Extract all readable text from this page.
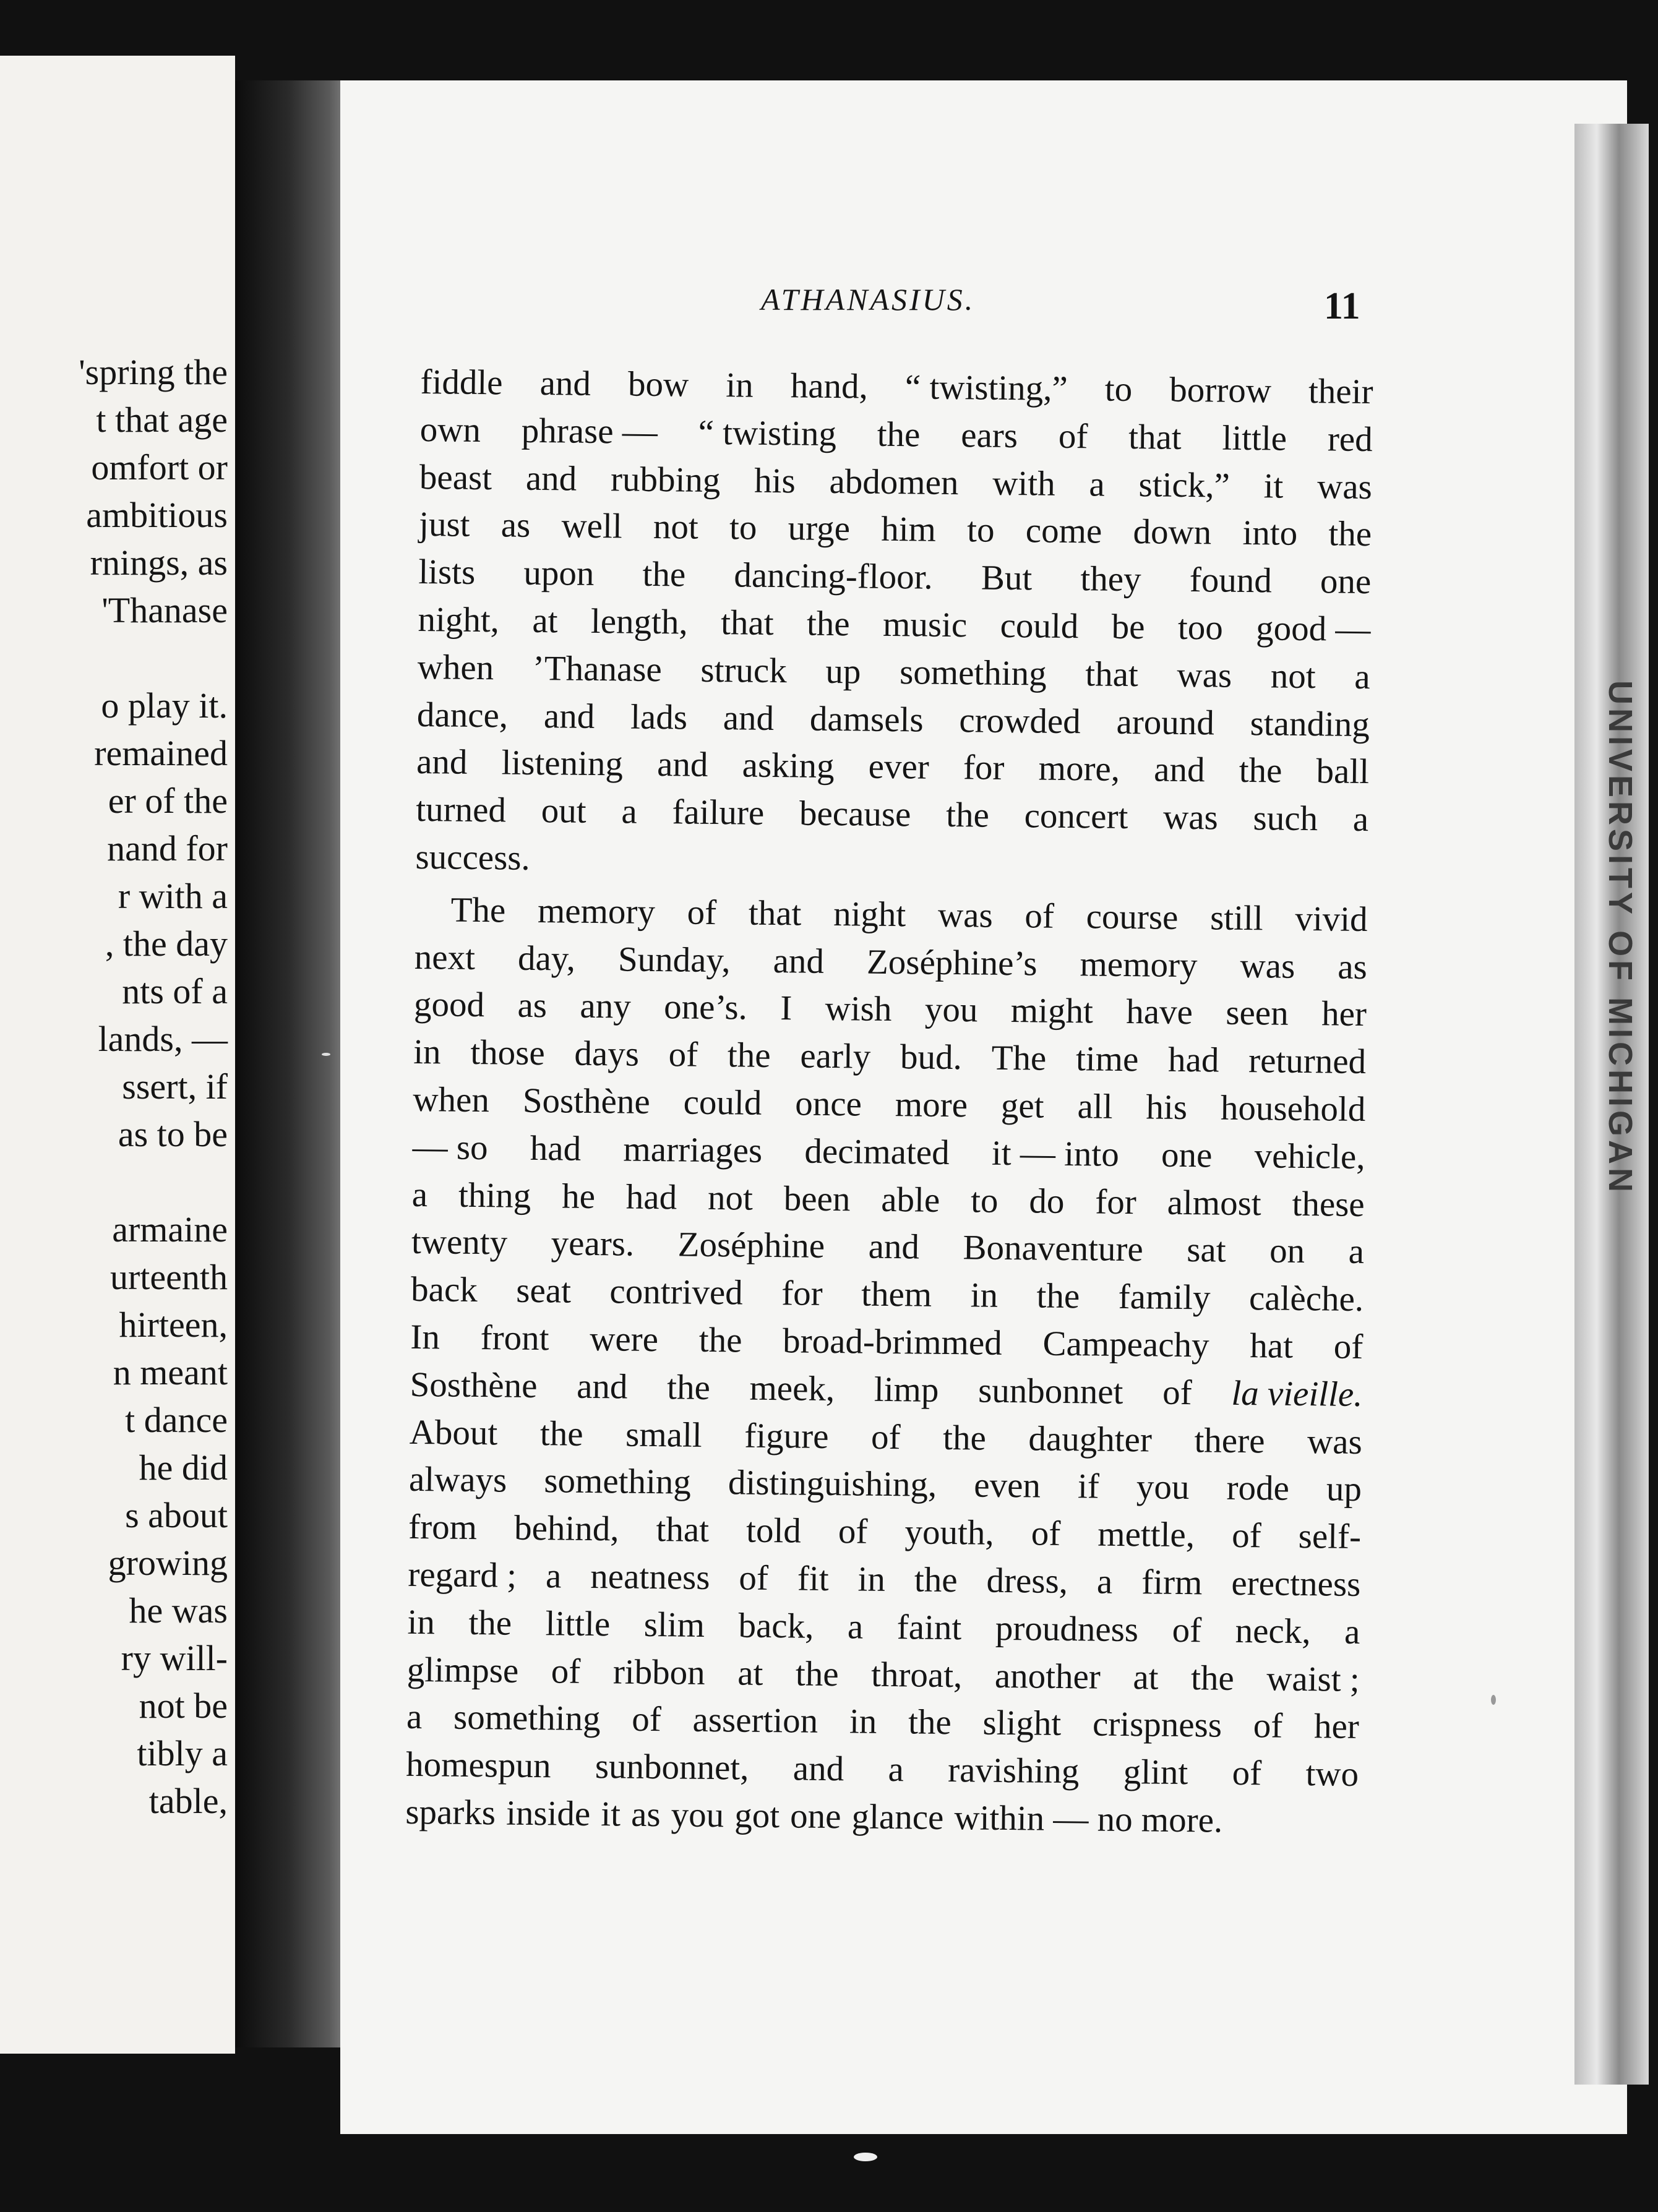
'spring the
t that age
omfort or
ambitious
rnings, as
'Thanase
o play it.
remained
er of the
nand for
r with a
, the day
nts of a
lands, —
ssert, if
as to be
armaine
urteenth
hirteen,
n meant
t dance
he did
s about
growing
he was
ry will-
not be
tibly a
table,
UNIVERSITY OF MICHIGAN
ATHANASIUS.	11
fiddle and bow in hand, “ twisting,” to borrow their
own phrase — “ twisting the ears of that little red
beast and rubbing his abdomen with a stick,” it was
just as well not to urge him to come down into the
lists upon the dancing-floor. But they found one
night, at length, that the music could be too good —
when ’Thanase struck up something that was not a
dance, and lads and damsels crowded around standing
and listening and asking ever for more, and the ball
turned out a failure because the concert was such a
success.
The memory of that night was of course still vivid
next day, Sunday, and Zoséphine’s memory was as
good as any one’s. I wish you might have seen her
in those days of the early bud. The time had returned
when Sosthène could once more get all his household
— so had marriages decimated it — into one vehicle,
a thing he had not been able to do for almost these
twenty years. Zoséphine and Bonaventure sat on a
back seat contrived for them in the family calèche.
In front were the broad-brimmed Campeachy hat of
Sosthène and the meek, limp sunbonnet of la vieille.
About the small figure of the daughter there was
always something distinguishing, even if you rode up
from behind, that told of youth, of mettle, of self-
regard ; a neatness of fit in the dress, a firm erectness
in the little slim back, a faint proudness of neck, a
glimpse of ribbon at the throat, another at the waist ;
a something of assertion in the slight crispness of her
homespun sunbonnet, and a ravishing glint of two
sparks inside it as you got one glance within — no more.
